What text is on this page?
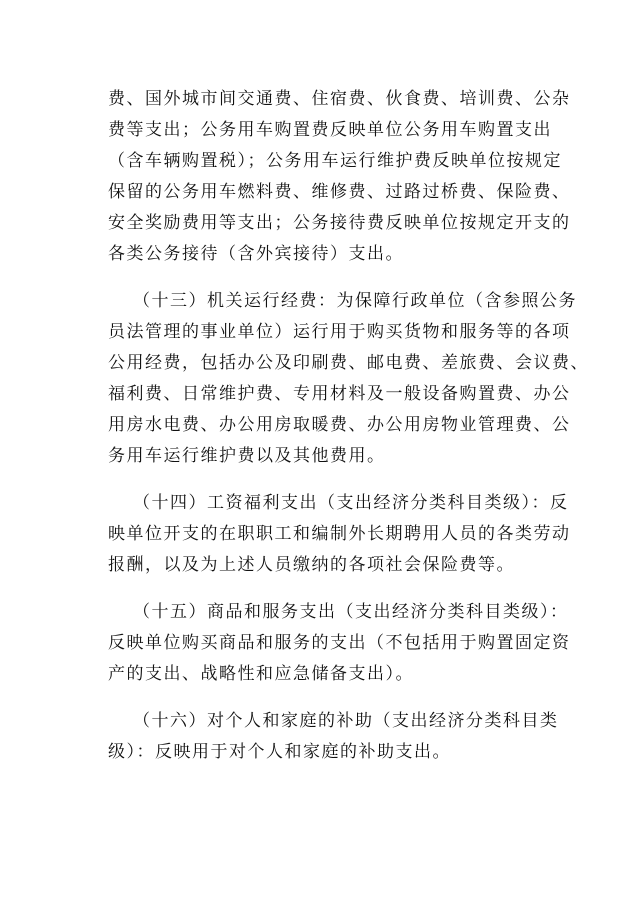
费、国外城市间交通费、住宿费、伙食费、培训费、公杂
费等支出；公务用车购置费反映单位公务用车购置支出
（含车辆购置税）；公务用车运行维护费反映单位按规定
保留的公务用车燃料费、维修费、过路过桥费、保险费、
安全奖励费用等支出；公务接待费反映单位按规定开支的
各类公务接待（含外宾接待）支出。
（十三）机关运行经费：为保障行政单位（含参照公务
员法管理的事业单位）运行用于购买货物和服务等的各项
公用经费，包括办公及印刷费、邮电费、差旅费、会议费、
福利费、日常维护费、专用材料及一般设备购置费、办公
用房水电费、办公用房取暖费、办公用房物业管理费、公
务用车运行维护费以及其他费用。
（十四）工资福利支出（支出经济分类科目类级）：反
映单位开支的在职职工和编制外长期聘用人员的各类劳动
报酬，以及为上述人员缴纳的各项社会保险费等。
（十五）商品和服务支出（支出经济分类科目类级）：
反映单位购买商品和服务的支出（不包括用于购置固定资
产的支出、战略性和应急储备支出）。
（十六）对个人和家庭的补助（支出经济分类科目类
级）：反映用于对个人和家庭的补助支出。
